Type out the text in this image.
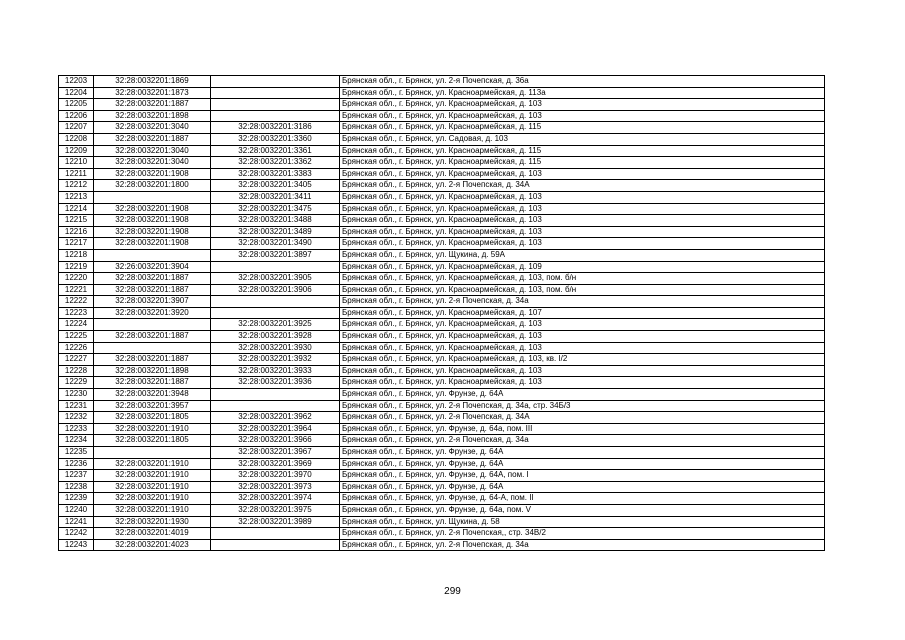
12203	32:28:0032201:1869		Брянская обл., г. Брянск, ул. 2-я Почепская, д. 36а
12204	32:28:0032201:1873		Брянская обл., г. Брянск, ул. Красноармейская, д. 113а
12205	32:28:0032201:1887		Брянская обл., г. Брянск, ул. Красноармейская, д. 103
12206	32:28:0032201:1898		Брянская обл., г. Брянск, ул. Красноармейская, д. 103
12207	32:28:0032201:3040	32:28:0032201:3186	Брянская обл., г. Брянск, ул. Красноармейская, д. 115
12208	32:28:0032201:1887	32:28:0032201:3360	Брянская обл., г. Брянск, ул. Садовая, д. 103
12209	32:28:0032201:3040	32:28:0032201:3361	Брянская обл., г. Брянск, ул. Красноармейская, д. 115
12210	32:28:0032201:3040	32:28:0032201:3362	Брянская обл., г. Брянск, ул. Красноармейская, д. 115
12211	32:28:0032201:1908	32:28:0032201:3383	Брянская обл., г. Брянск, ул. Красноармейская, д. 103
12212	32:28:0032201:1800	32:28:0032201:3405	Брянская обл., г. Брянск, ул. 2-я Почепская, д. 34А
12213		32:28:0032201:3411	Брянская обл., г. Брянск, ул. Красноармейская, д. 103
12214	32:28:0032201:1908	32:28:0032201:3475	Брянская обл., г. Брянск, ул. Красноармейская, д. 103
12215	32:28:0032201:1908	32:28:0032201:3488	Брянская обл., г. Брянск, ул. Красноармейская, д. 103
12216	32:28:0032201:1908	32:28:0032201:3489	Брянская обл., г. Брянск, ул. Красноармейская, д. 103
12217	32:28:0032201:1908	32:28:0032201:3490	Брянская обл., г. Брянск, ул. Красноармейская, д. 103
12218		32:28:0032201:3897	Брянская обл., г. Брянск, ул. Щукина, д. 59А
12219	32:26:0032201:3904		Брянская обл., г. Брянск, ул. Красноармейская, д. 109
12220	32:28:0032201:1887	32:28:0032201:3905	Брянская обл., г. Брянск, ул. Красноармейская, д. 103, пом. б/н
12221	32:28:0032201:1887	32:28:0032201:3906	Брянская обл., г. Брянск, ул. Красноармейская, д. 103, пом. б/н
12222	32:28:0032201:3907		Брянская обл., г. Брянск, ул. 2-я Почепская, д. 34а
12223	32:28:0032201:3920		Брянская обл., г. Брянск, ул. Красноармейская, д. 107
12224		32:28:0032201:3925	Брянская обл., г. Брянск, ул. Красноармейская, д. 103
12225	32:28:0032201:1887	32:28:0032201:3928	Брянская обл., г. Брянск, ул. Красноармейская, д. 103
12226		32:28:0032201:3930	Брянская обл., г. Брянск, ул. Красноармейская, д. 103
12227	32:28:0032201:1887	32:28:0032201:3932	Брянская обл., г. Брянск, ул. Красноармейская, д. 103, кв. I/2
12228	32:28:0032201:1898	32:28:0032201:3933	Брянская обл., г. Брянск, ул. Красноармейская, д. 103
12229	32:28:0032201:1887	32:28:0032201:3936	Брянская обл., г. Брянск, ул. Красноармейская, д. 103
12230	32:28:0032201:3948		Брянская обл., г. Брянск, ул. Фрунзе, д. 64А
12231	32:28:0032201:3957		Брянская обл., г. Брянск, ул. 2-я Почепская, д. 34а, стр. 34Б/3
12232	32:28:0032201:1805	32:28:0032201:3962	Брянская обл., г. Брянск, ул. 2-я Почепская, д. 34А
12233	32:28:0032201:1910	32:28:0032201:3964	Брянская обл., г. Брянск, ул. Фрунзе, д. 64а, пом. III
12234	32:28:0032201:1805	32:28:0032201:3966	Брянская обл., г. Брянск, ул. 2-я Почепская, д. 34а
12235		32:28:0032201:3967	Брянская обл., г. Брянск, ул. Фрунзе, д. 64А
12236	32:28:0032201:1910	32:28:0032201:3969	Брянская обл., г. Брянск, ул. Фрунзе, д. 64А
12237	32:28:0032201:1910	32:28:0032201:3970	Брянская обл., г. Брянск, ул. Фрунзе, д. 64А, пом. I
12238	32:28:0032201:1910	32:28:0032201:3973	Брянская обл., г. Брянск, ул. Фрунзе, д. 64А
12239	32:28:0032201:1910	32:28:0032201:3974	Брянская обл., г. Брянск, ул. Фрунзе, д. 64-А, пом. II
12240	32:28:0032201:1910	32:28:0032201:3975	Брянская обл., г. Брянск, ул. Фрунзе, д. 64а, пом. V
12241	32:28:0032201:1930	32:28:0032201:3989	Брянская обл., г. Брянск, ул. Щукина, д. 58
12242	32:28:0032201:4019		Брянская обл., г. Брянск, ул. 2-я Почепская,, стр. 34В/2
12243	32:28:0032201:4023		Брянская обл., г. Брянск, ул. 2-я Почепская, д. 34а
299
